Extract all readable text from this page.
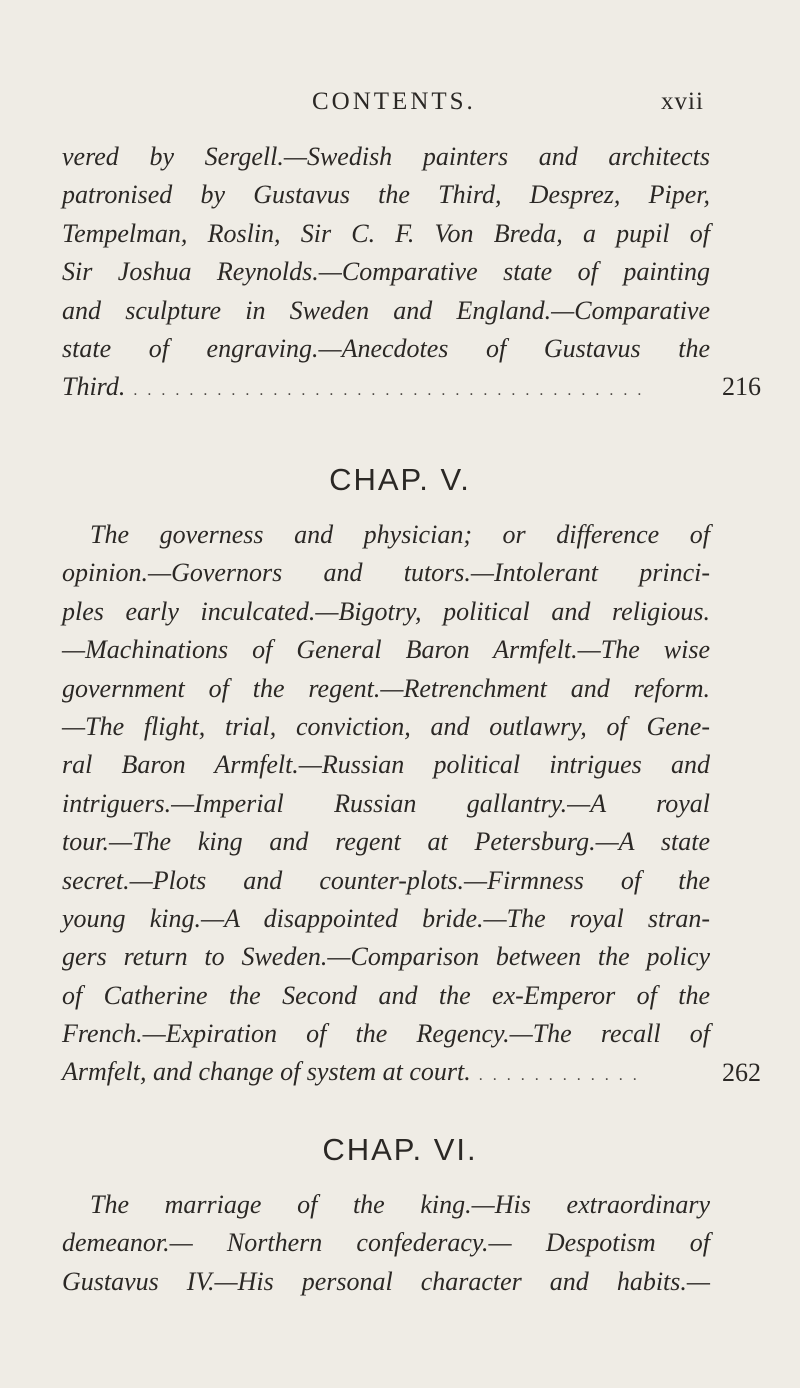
CONTENTS.	xvii
vered by Sergell.—Swedish painters and architects
patronised by Gustavus the Third, Desprez, Piper,
Tempelman, Roslin, Sir C. F. Von Breda, a pupil of
Sir Joshua Reynolds.—Comparative state of painting
and sculpture in Sweden and England.—Comparative
state of engraving.—Anecdotes of Gustavus the
Third. . . .	216
CHAP. V.
The governess and physician; or difference of
opinion.—Governors and tutors.—Intolerant princi-
ples early inculcated.—Bigotry, political and religious.
—Machinations of General Baron Armfelt.—The wise
government of the regent.—Retrenchment and reform.
—The flight, trial, conviction, and outlawry, of Gene-
ral Baron Armfelt.—Russian political intrigues and
intriguers.—Imperial Russian gallantry.—A royal
tour.—The king and regent at Petersburg.—A state
secret.—Plots and counter-plots.—Firmness of the
young king.—A disappointed bride.—The royal stran-
gers return to Sweden.—Comparison between the policy
of Catherine the Second and the ex-Emperor of the
French.—Expiration of the Regency.—The recall of
Armfelt, and change of system at court. . . .	262
CHAP. VI.
The marriage of the king.—His extraordinary
demeanor.— Northern confederacy.— Despotism of
Gustavus IV.—His personal character and habits.—
